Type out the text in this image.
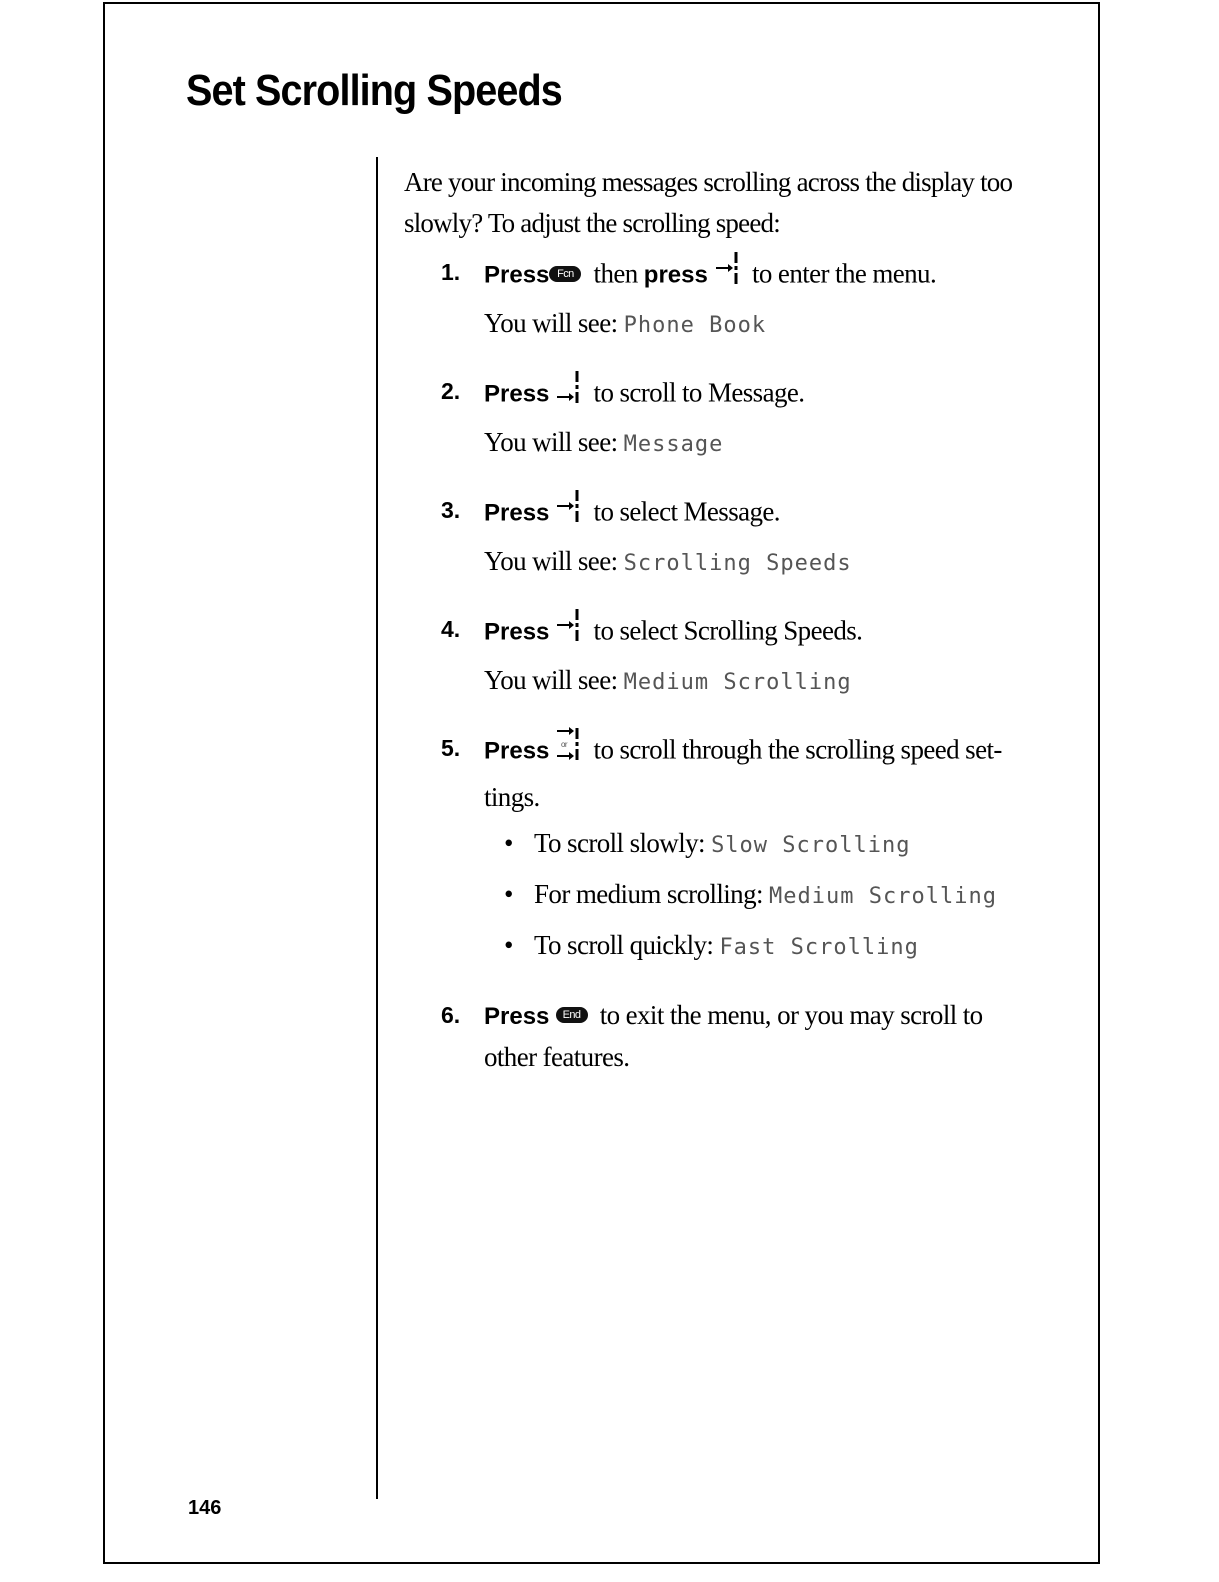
Set Scrolling Speeds

Are your incoming messages scrolling across the display too slowly? To adjust the scrolling speed:

1. Press Fcn then press to enter the menu.
You will see: Phone Book
2. Press to scroll to Message.
You will see: Message
3. Press to select Message.
You will see: Scrolling Speeds
4. Press to select Scrolling Speeds.
You will see: Medium Scrolling
5. Press or to scroll through the scrolling speed set-
tings.
• To scroll slowly: Slow Scrolling
• For medium scrolling: Medium Scrolling
• To scroll quickly: Fast Scrolling
6. Press End to exit the menu, or you may scroll to
other features.
146
